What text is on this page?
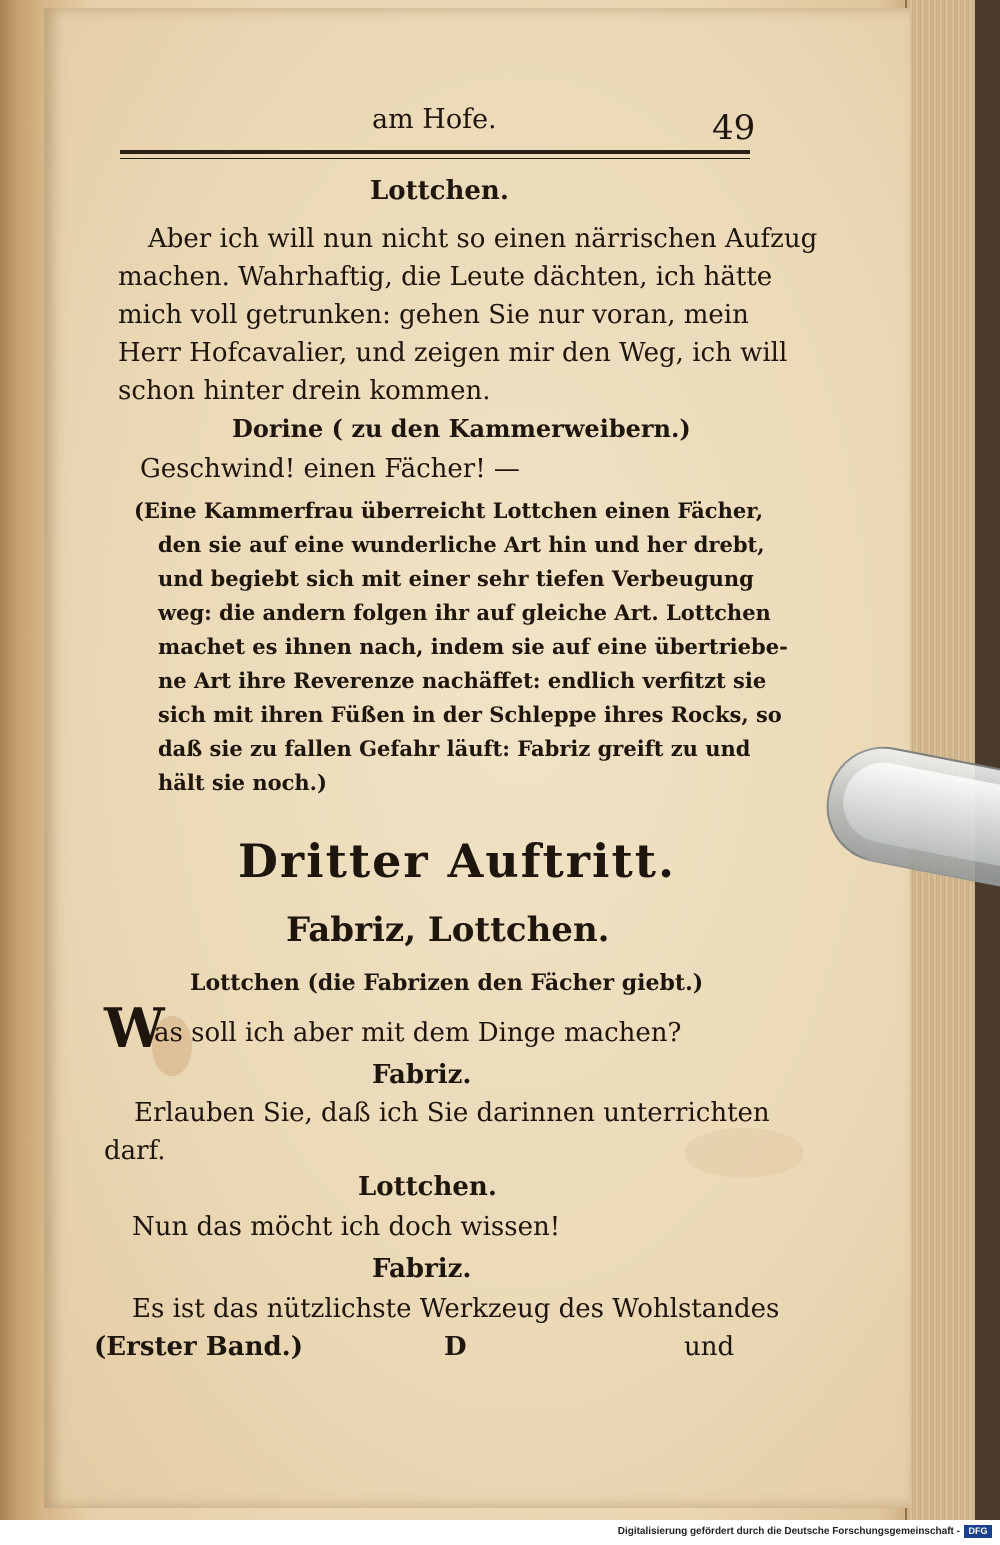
am Hofe.	49
Lottchen.
Aber ich will nun nicht so einen närrischen Aufzug
machen. Wahrhaftig, die Leute dächten, ich hätte
mich voll getrunken: gehen Sie nur voran, mein
Herr Hofcavalier, und zeigen mir den Weg, ich will
schon hinter drein kommen.
Dorine ( zu den Kammerweibern.)
Geschwind! einen Fächer! —
(Eine Kammerfrau überreicht Lottchen einen Fächer,
den sie auf eine wunderliche Art hin und her drebt,
und begiebt sich mit einer sehr tiefen Verbeugung
weg: die andern folgen ihr auf gleiche Art. Lottchen
machet es ihnen nach, indem sie auf eine übertriebe-
ne Art ihre Reverenze nachäffet: endlich verfitzt sie
sich mit ihren Füßen in der Schleppe ihres Rocks, so
daß sie zu fallen Gefahr läuft: Fabriz greift zu und
hält sie noch.)
Dritter Auftritt.
Fabriz, Lottchen.
Lottchen (die Fabrizen den Fächer giebt.)
W
as soll ich aber mit dem Dinge machen?
Fabriz.
Erlauben Sie, daß ich Sie darinnen unterrichten
darf.
Lottchen.
Nun das möcht ich doch wissen!
Fabriz.
Es ist das nützlichste Werkzeug des Wohlstandes
(Erster Band.)	D	und
Digitalisierung gefördert durch die Deutsche Forschungsgemeinschaft - DFG
